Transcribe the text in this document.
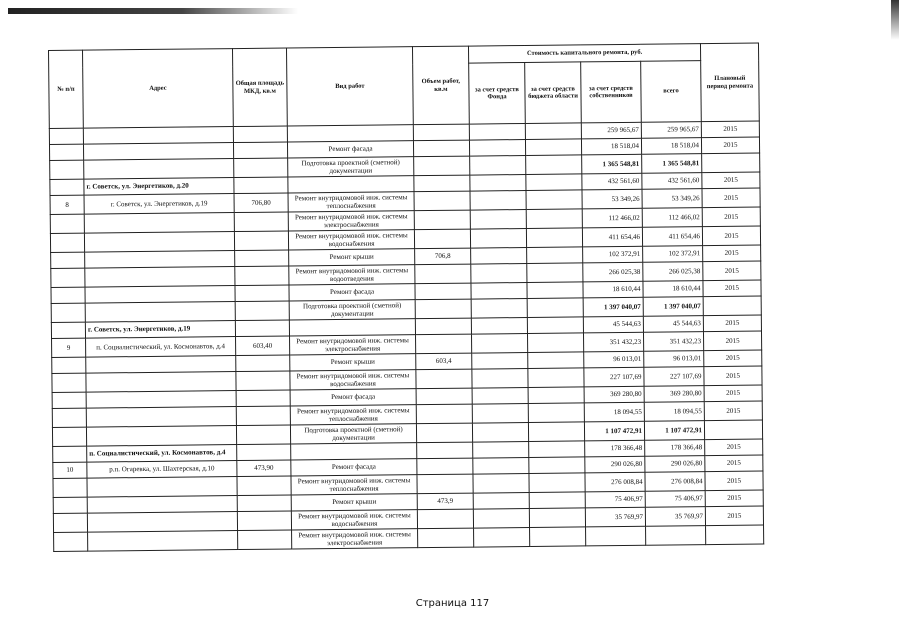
№ п/п	Адрес	Общая площадь МКД, кв.м	Вид работ	Объем работ, кв.м	Стоимость капитального ремонта, руб.				Плановый период ремонта
					за счет средств Фонда	за счет средств бюджета области	за счет средств собственников	всего	
							259 965,67	259 965,67	2015
			Ремонт фасада				18 518,04	18 518,04	2015
			Подготовка проектной (сметной) документации				1 365 548,81	1 365 548,81	
	г. Советск, ул. Энергетиков, д.20						432 561,60	432 561,60	2015
8	г. Советск, ул. Энергетиков, д.19	706,80	Ремонт внутридомовой инж. системы теплоснабжения				53 349,26	53 349,26	2015
			Ремонт внутридомовой инж. системы электроснабжения				112 466,02	112 466,02	2015
			Ремонт внутридомовой инж. системы водоснабжения				411 654,46	411 654,46	2015
			Ремонт крыши	706,8			102 372,91	102 372,91	2015
			Ремонт внутридомовой инж. системы водоотведения				266 025,38	266 025,38	2015
			Ремонт фасада				18 610,44	18 610,44	2015
			Подготовка проектной (сметной) документации				1 397 040,07	1 397 040,07	
	г. Советск, ул. Энергетиков, д.19						45 544,63	45 544,63	2015
9	п. Социалистический, ул. Космонавтов, д.4	603,40	Ремонт внутридомовой инж. системы электроснабжения				351 432,23	351 432,23	2015
			Ремонт крыши	603,4			96 013,01	96 013,01	2015
			Ремонт внутридомовой инж. системы водоснабжения				227 107,69	227 107,69	2015
			Ремонт фасада				369 280,80	369 280,80	2015
			Ремонт внутридомовой инж. системы теплоснабжения				18 094,55	18 094,55	2015
			Подготовка проектной (сметной) документации				1 107 472,91	1 107 472,91	
	п. Социалистический, ул. Космонавтов, д.4						178 366,48	178 366,48	2015
10	р.п. Огаревка, ул. Шахтерская, д.10	473,90	Ремонт фасада				290 026,80	290 026,80	2015
			Ремонт внутридомовой инж. системы теплоснабжения				276 008,84	276 008,84	2015
			Ремонт крыши	473,9			75 406,97	75 406,97	2015
			Ремонт внутридомовой инж. системы водоснабжения				35 769,97	35 769,97	2015
			Ремонт внутридомовой инж. системы электроснабжения						
Страница 117
